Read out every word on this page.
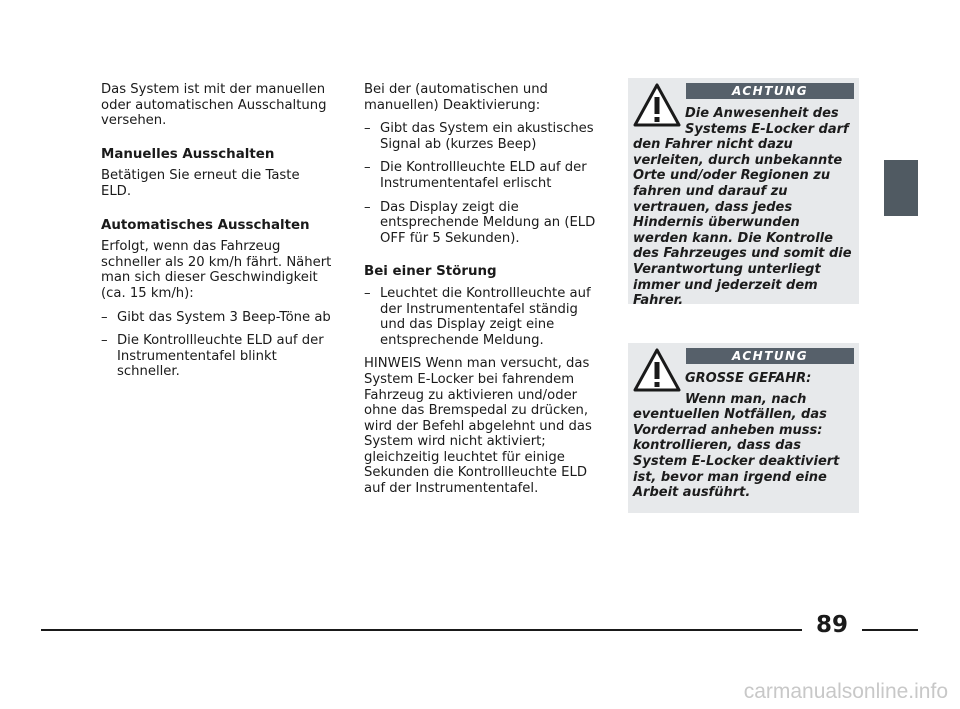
Das System ist mit der manuellen oder automatischen Ausschaltung versehen.

Manuelles Ausschalten

Betätigen Sie erneut die Taste ELD.

Automatisches Ausschalten

Erfolgt, wenn das Fahrzeug schneller als 20 km/h fährt. Nähert man sich dieser Geschwindigkeit (ca. 15 km/h):

– Gibt das System 3 Beep-Töne ab

– Die Kontrollleuchte ELD auf der Instrumententafel blinkt schneller.

Bei der (automatischen und manuellen) Deaktivierung:

– Gibt das System ein akustisches Signal ab (kurzes Beep)

– Die Kontrollleuchte ELD auf der Instrumententafel erlischt

– Das Display zeigt die entsprechende Meldung an (ELD OFF für 5 Sekunden).

Bei einer Störung

– Leuchtet die Kontrollleuchte auf der Instrumententafel ständig und das Display zeigt eine entsprechende Meldung.

HINWEIS Wenn man versucht, das System E-Locker bei fahrendem Fahrzeug zu aktivieren und/oder ohne das Bremspedal zu drücken, wird der Befehl abgelehnt und das System wird nicht aktiviert; gleichzeitig leuchtet für einige Sekunden die Kontrollleuchte ELD auf der Instrumententafel.

ACHTUNG
Die Anwesenheit des Systems E-Locker darf
den Fahrer nicht dazu verleiten, durch unbekannte Orte und/oder Regionen zu fahren und darauf zu vertrauen, dass jedes Hindernis überwunden werden kann. Die Kontrolle des Fahrzeuges und somit die Verantwortung unterliegt immer und jederzeit dem Fahrer.
ACHTUNG
GROSSE GEFAHR:
Wenn man, nach
eventuellen Notfällen, das Vorderrad anheben muss: kontrollieren, dass das System E-Locker deaktiviert ist, bevor man irgend eine Arbeit ausführt.
89
carmanualsonline.info
